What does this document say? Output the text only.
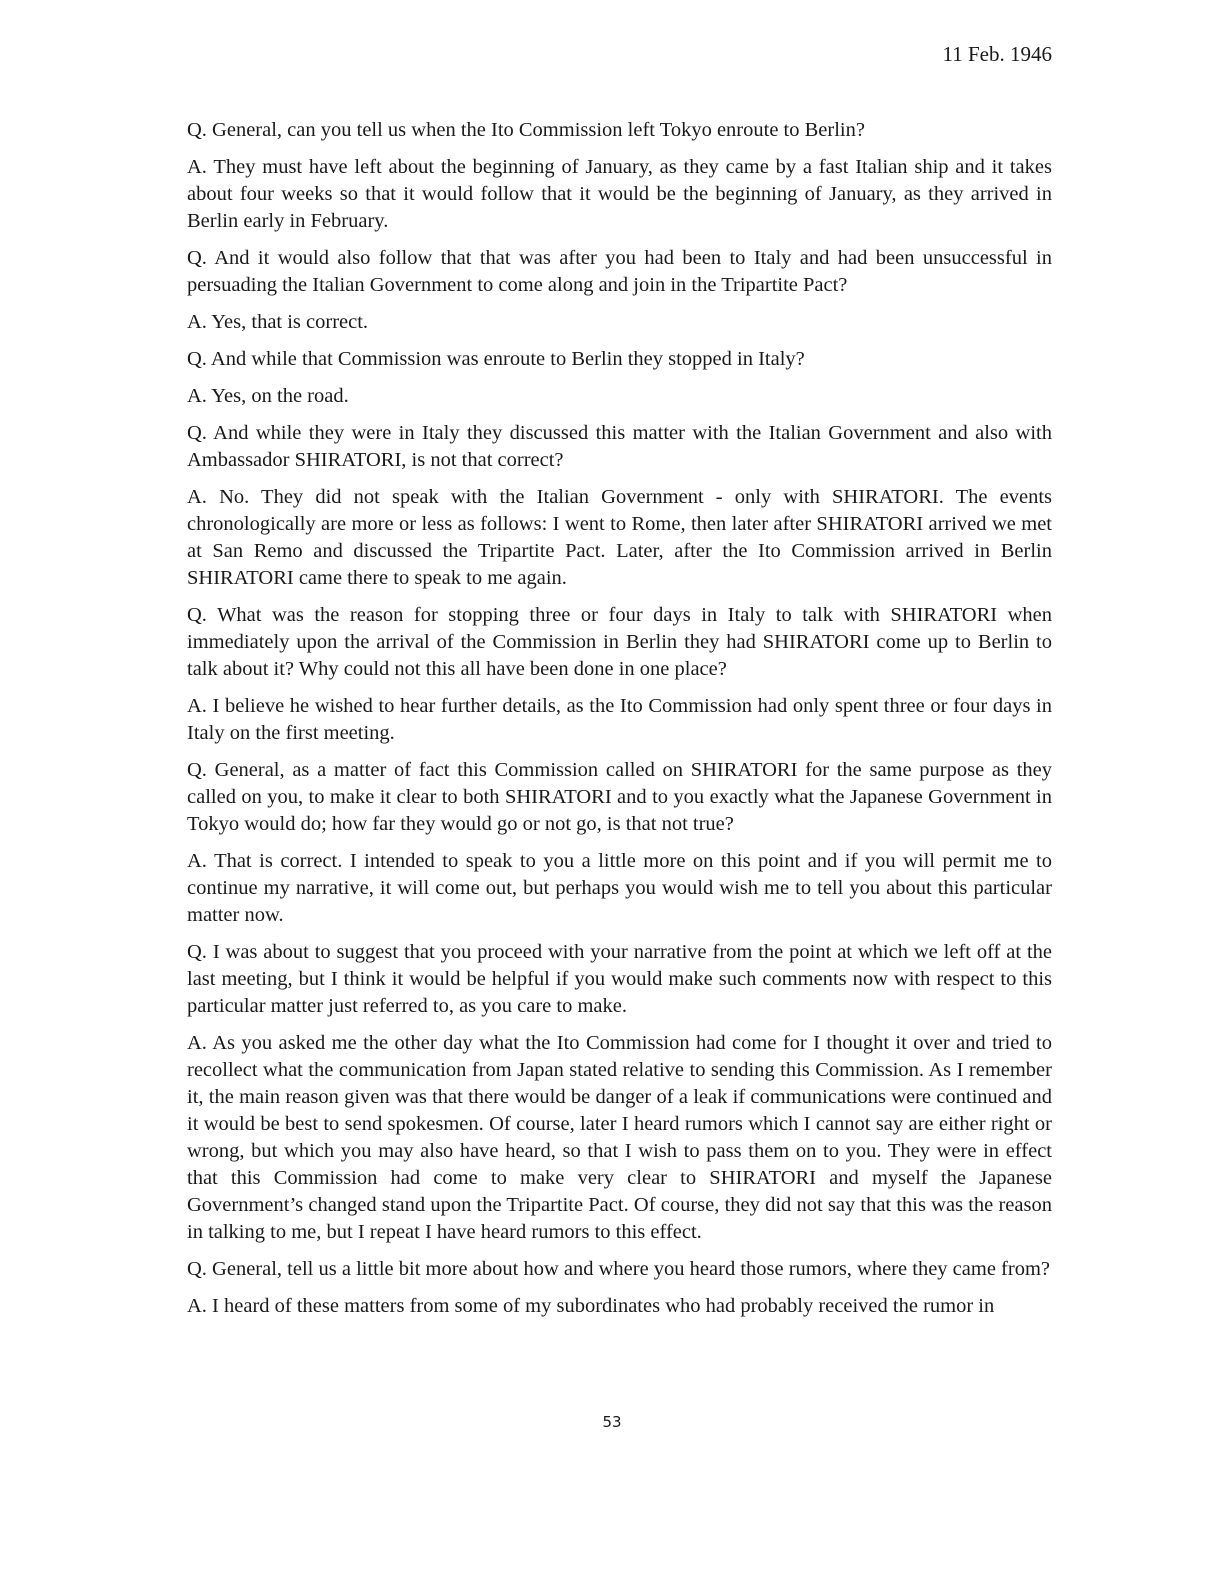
11 Feb. 1946

Q. General, can you tell us when the Ito Commission left Tokyo enroute to Berlin?

A. They must have left about the beginning of January, as they came by a fast Italian ship and it takes about four weeks so that it would follow that it would be the beginning of January, as they arrived in Berlin early in February.

Q. And it would also follow that that was after you had been to Italy and had been unsuccessful in persuading the Italian Government to come along and join in the Tripartite Pact?

A. Yes, that is correct.

Q. And while that Commission was enroute to Berlin they stopped in Italy?

A. Yes, on the road.

Q. And while they were in Italy they discussed this matter with the Italian Government and also with Ambassador SHIRATORI, is not that correct?

A. No. They did not speak with the Italian Government - only with SHIRATORI. The events chronologically are more or less as follows: I went to Rome, then later after SHIRATORI arrived we met at San Remo and discussed the Tripartite Pact. Later, after the Ito Commission arrived in Berlin SHIRATORI came there to speak to me again.

Q. What was the reason for stopping three or four days in Italy to talk with SHIRATORI when immediately upon the arrival of the Commission in Berlin they had SHIRATORI come up to Berlin to talk about it? Why could not this all have been done in one place?

A. I believe he wished to hear further details, as the Ito Commission had only spent three or four days in Italy on the first meeting.

Q. General, as a matter of fact this Commission called on SHIRATORI for the same purpose as they called on you, to make it clear to both SHIRATORI and to you exactly what the Japanese Government in Tokyo would do; how far they would go or not go, is that not true?

A. That is correct. I intended to speak to you a little more on this point and if you will permit me to continue my narrative, it will come out, but perhaps you would wish me to tell you about this particular matter now.

Q. I was about to suggest that you proceed with your narrative from the point at which we left off at the last meeting, but I think it would be helpful if you would make such comments now with respect to this particular matter just referred to, as you care to make.

A. As you asked me the other day what the Ito Commission had come for I thought it over and tried to recollect what the communication from Japan stated relative to sending this Commission. As I remember it, the main reason given was that there would be danger of a leak if communications were continued and it would be best to send spokesmen. Of course, later I heard rumors which I cannot say are either right or wrong, but which you may also have heard, so that I wish to pass them on to you. They were in effect that this Commission had come to make very clear to SHIRATORI and myself the Japanese Government’s changed stand upon the Tripartite Pact. Of course, they did not say that this was the reason in talking to me, but I repeat I have heard rumors to this effect.

Q. General, tell us a little bit more about how and where you heard those rumors, where they came from?

A. I heard of these matters from some of my subordinates who had probably received the rumor in

53
